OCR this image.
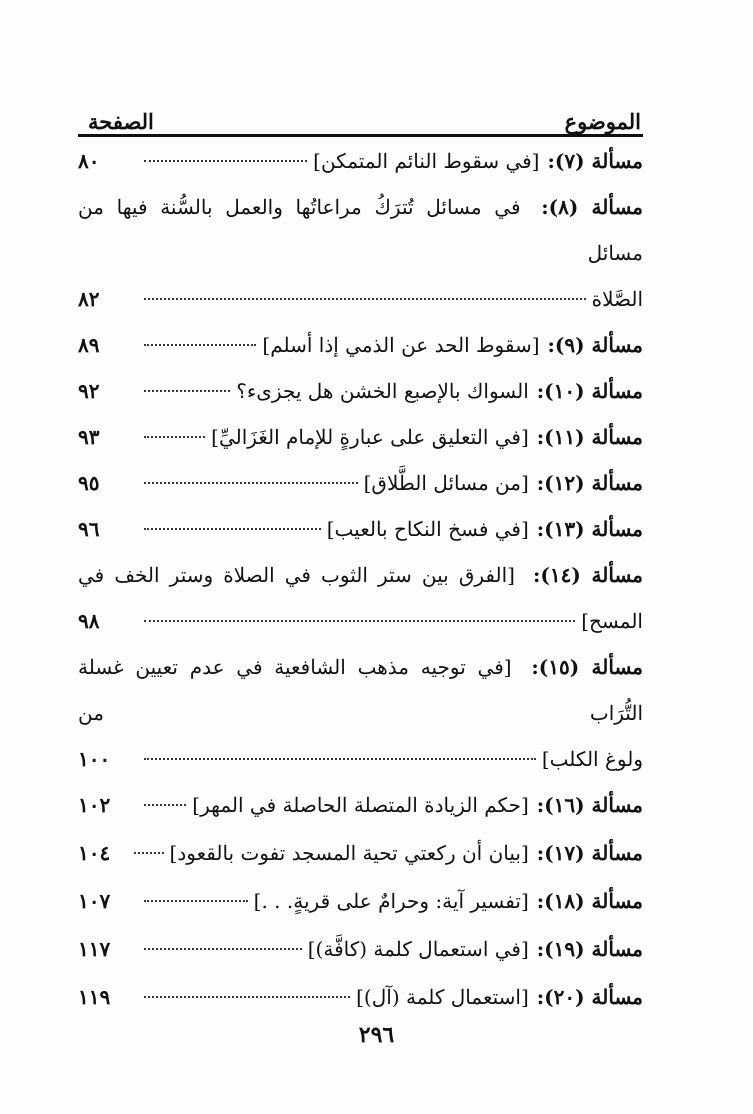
الموضوع
الصفحة
مسألة (٧):
[في سقوط النائم المتمكن]
٨٠
مسألة (٨): في مسائل تُترَكُ مراعاتُها والعمل بالسُّنة فيها من مسائل
الصَّلاة
٨٢
مسألة (٩):
[سقوط الحد عن الذمي إذا أسلم]
٨٩
مسألة (١٠):
السواك بالإصبع الخشن هل يجزىء؟
٩٢
مسألة (١١):
[في التعليق على عبارةٍ للإمام الغَزَاليِّ]
٩٣
مسألة (١٢):
[من مسائل الطَّلاق]
٩٥
مسألة (١٣):
[في فسخ النكاح بالعيب]
٩٦
مسألة (١٤): [الفرق بين ستر الثوب في الصلاة وستر الخف في
المسح]
٩٨
مسألة (١٥): [في توجيه مذهب الشافعية في عدم تعيين غسلة التُّرَاب من
ولوغ الكلب]
١٠٠
مسألة (١٦):
[حكم الزيادة المتصلة الحاصلة في المهر]
١٠٢
مسألة (١٧):
[بيان أن ركعتي تحية المسجد تفوت بالقعود]
١٠٤
مسألة (١٨):
[تفسير آية: وحرامٌ على قريةٍ. . .]
١٠٧
مسألة (١٩):
[في استعمال كلمة (كافَّة)]
١١٧
مسألة (٢٠):
[استعمال كلمة (آل)]
١١٩
٢٩٦
